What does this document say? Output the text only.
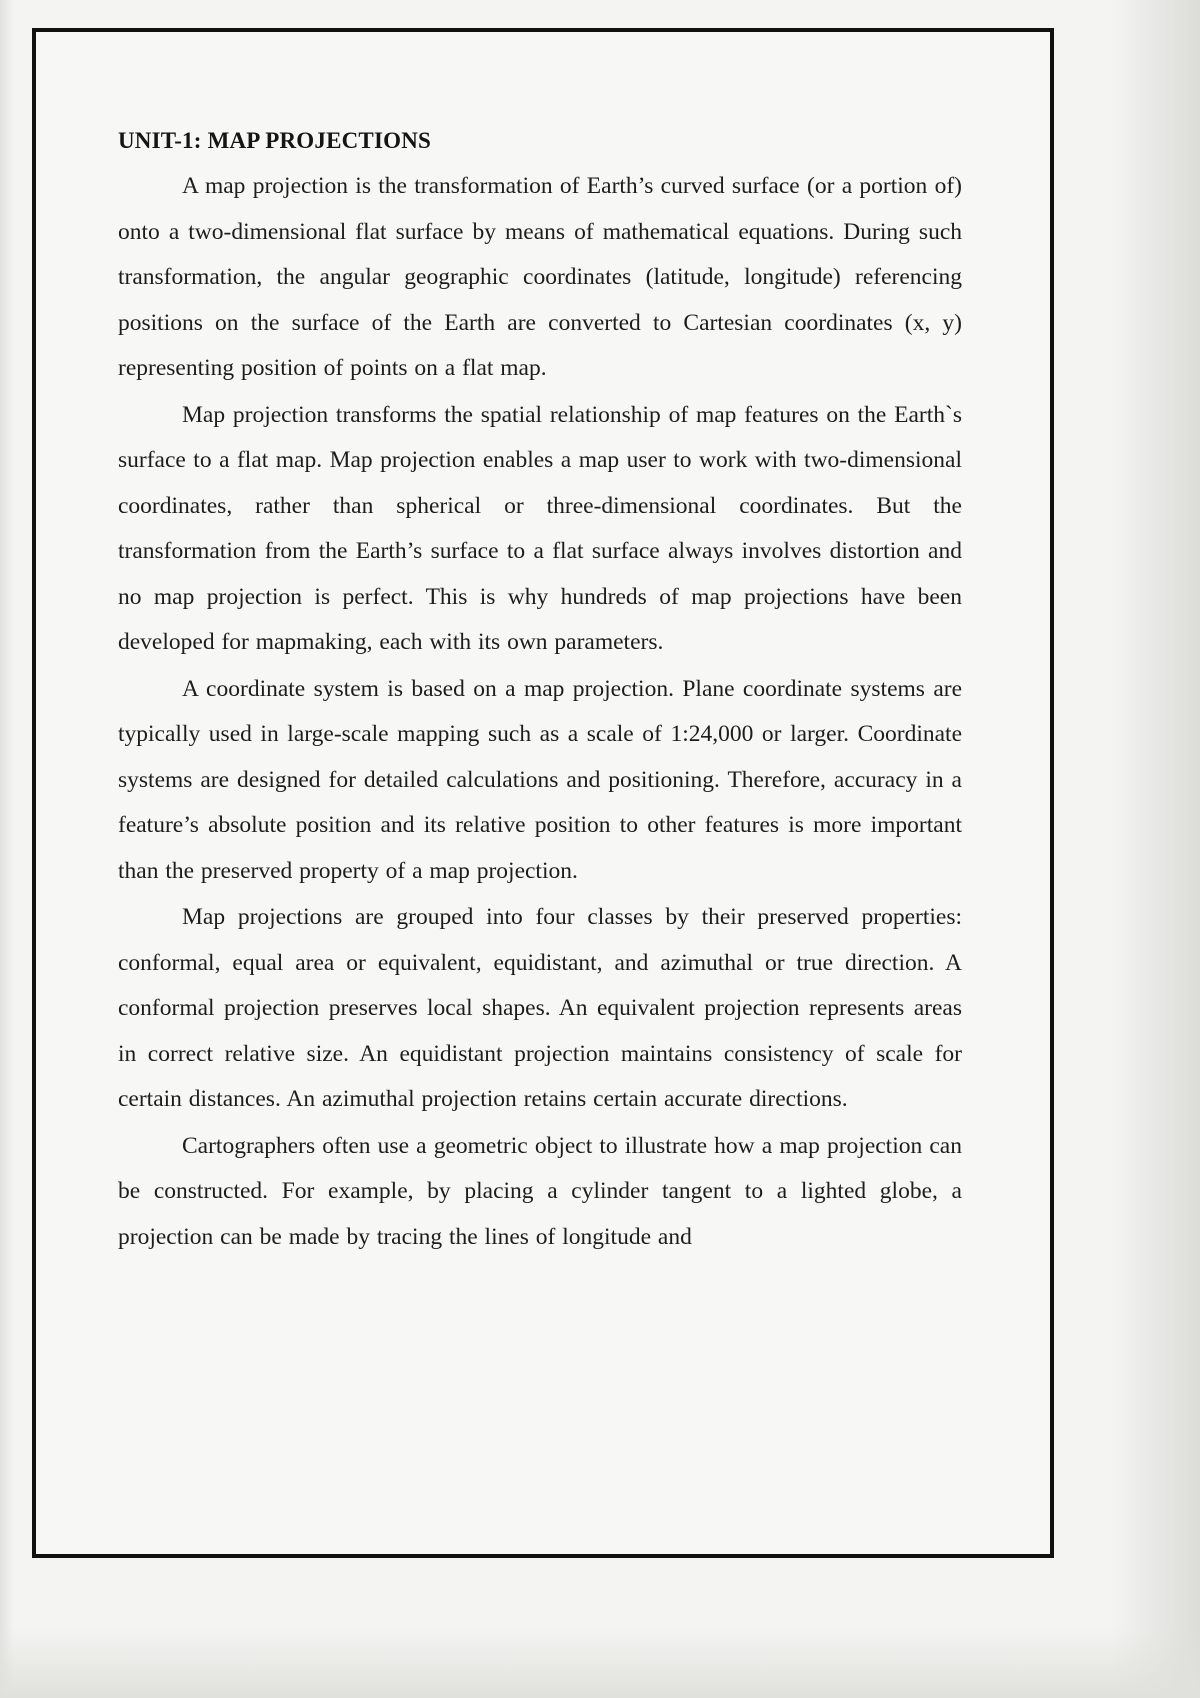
UNIT-1: MAP PROJECTIONS

A map projection is the transformation of Earth’s curved surface (or a portion of) onto a two-dimensional flat surface by means of mathematical equations. During such transformation, the angular geographic coordinates (latitude, longitude) referencing positions on the surface of the Earth are converted to Cartesian coordinates (x, y) representing position of points on a flat map.

Map projection transforms the spatial relationship of map features on the Earth`s surface to a flat map. Map projection enables a map user to work with two-dimensional coordinates, rather than spherical or three-dimensional coordinates. But the transformation from the Earth’s surface to a flat surface always involves distortion and no map projection is perfect. This is why hundreds of map projections have been developed for mapmaking, each with its own parameters.

A coordinate system is based on a map projection. Plane coordinate systems are typically used in large-scale mapping such as a scale of 1:24,000 or larger. Coordinate systems are designed for detailed calculations and positioning. Therefore, accuracy in a feature’s absolute position and its relative position to other features is more important than the preserved property of a map projection.

Map projections are grouped into four classes by their preserved properties: conformal, equal area or equivalent, equidistant, and azimuthal or true direction. A conformal projection preserves local shapes. An equivalent projection represents areas in correct relative size. An equidistant projection maintains consistency of scale for certain distances. An azimuthal projection retains certain accurate directions.

Cartographers often use a geometric object to illustrate how a map projection can be constructed. For example, by placing a cylinder tangent to a lighted globe, a projection can be made by tracing the lines of longitude and
